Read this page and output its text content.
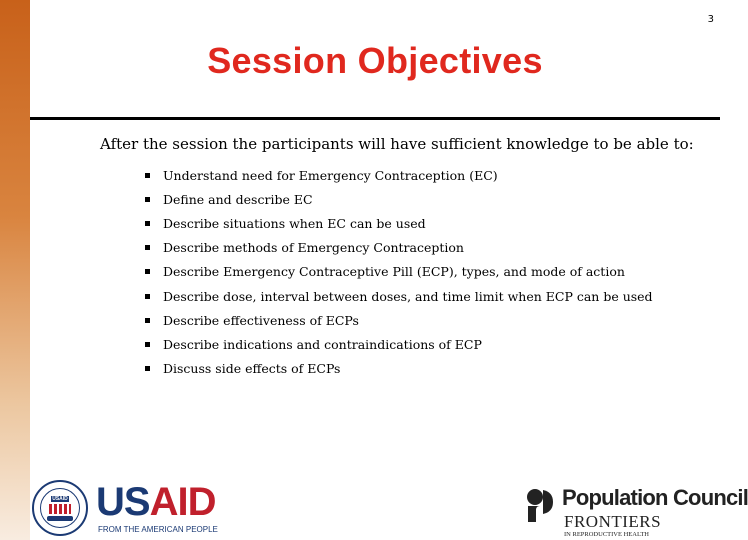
3
Session Objectives
After the session the participants will have sufficient knowledge to be able to:
Understand need for Emergency Contraception (EC)
Define and describe EC
Describe situations when EC can be used
Describe methods of Emergency Contraception
Describe Emergency Contraceptive Pill (ECP), types, and mode of action
Describe dose, interval between doses, and time limit when ECP can be used
Describe effectiveness of ECPs
Describe indications and contraindications of ECP
Discuss side effects of ECPs
USAID USAID
FROM THE AMERICAN PEOPLE
Population Council
FRONTIERS
IN REPRODUCTIVE HEALTH
